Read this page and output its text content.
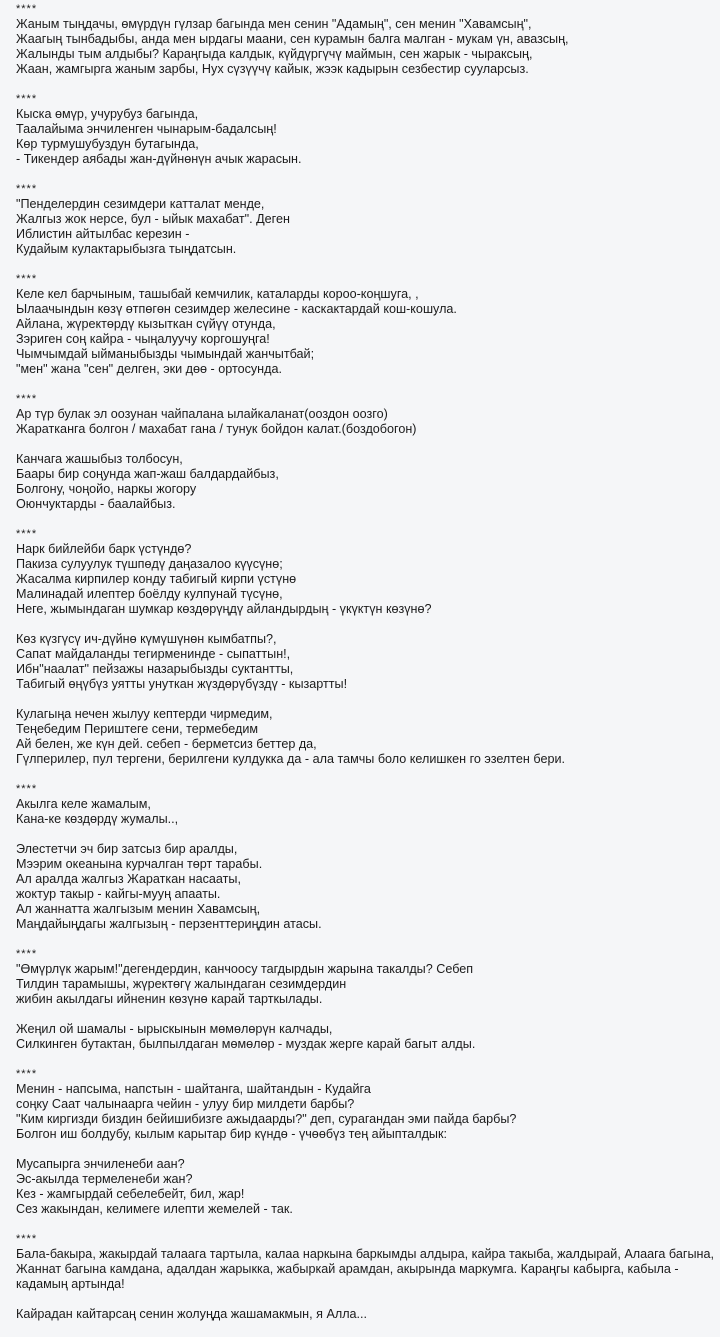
****
Жаным тыңдачы, өмүрдүн гүлзар багында мен сенин "Адамың", сен менин "Хавамсың",
Жаагың тынбадыбы, анда мен ырдагы маани, сен курамын балга малган - мукам үн, авазсың,
Жалынды тым алдыбы? Караңгыда калдык, күйдүргүчү маймын, сен жарык - чыраксың,
Жаан, жамгырга жаным зарбы, Нух сүзүүчү кайык, жээк кадырын сезбестир сууларсыз.
****
Кыска өмүр, учурубуз багында,
Таалайыма энчиленген чынарым-бадалсың!
Көр турмушубуздун бутагында,
- Тикендер аябады жан-дүйнөнүн ачык жарасын.
****
"Пенделердин сезимдери катталат менде,
Жалгыз жок нерсе, бул - ыйык махабат". Деген
Иблистин айтылбас керезин -
Кудайым кулактарыбызга тыңдатсын.
****
Келе кел барчыным, ташыбай кемчилик, каталарды короо-коңшуга, ,
Ылаачындын көзү өтпөгөн сезимдер желесине - каскактардай кош-кошула.
Айлана, жүректөрдү кызыткан сүйүү отунда,
Зэриген соң кайра - чыңалуучу коргошуңга!
Чымчымдай ыйманыбызды чымындай жанчытбай;
"мен" жана "сен" делген, эки дөө - ортосунда.
****
Ар түр булак эл оозунан чайпалана ылайкаланат(ооздон оозго)
Жаратканга болгон / махабат гана / тунук бойдон калат.(боздобогон)
Канчага жашыбыз толбосун,
Баары бир соңунда жап-жаш балдардайбыз,
Болгону, чоңойо, наркы жогору
Оюнчуктарды - баалайбыз.
****
Нарк бийлейби барк үстүндө?
Пакиза сулуулук түшпөдү даңазалоо күүсүнө;
Жасалма кирпилер конду табигый кирпи үстүнө
Малинадай илептер боёлду кулпунай түсүнө,
Неге, жымындаган шумкар көздөрүңдү айландырдың - үкүктүн көзүнө?
Көз күзгүсү ич-дүйнө күмүшүнөн кымбатпы?,
Сапат майдаланды тегирменинде - сыпаттын!,
Ибн"наалат" пейзажы назарыбызды суктантты,
Табигый өңүбүз уятты унуткан жүздөрүбүздү - кызартты!
Кулагыңа нечен жылуу кептерди чирмедим,
Теңебедим Периштеге сени, термебедим
Ай белен, же күн дей. себеп - берметсиз беттер да,
Гүлперилер, пул тергени, берилгени кулдукка да - ала тамчы боло келишкен го эзелтен бери.
****
Акылга келе жамалым,
Кана-ке көздөрдү жумалы..,
Элестетчи эч бир затсыз бир аралды,
Мээрим океанына курчалган төрт тарабы.
Ал аралда жалгыз Жараткан насааты,
жоктур такыр - кайгы-мууң апааты.
Ал жаннатта жалгызым менин Хавамсың,
Маңдайыңдагы жалгызың - перзенттериңдин атасы.
****
"Өмүрлүк жарым!"дегендердин, канчоосу тагдырдын жарына такалды? Себеп
Тилдин тарамышы, жүректөгү жалындаган сезимдердин
жибин акылдагы ийненин көзүнө карай тарткылады.
Жеңил ой шамалы - ырыскынын мөмөлөрүн калчады,
Силкинген бутактан, былпылдаган мөмөлөр - муздак жерге карай багыт алды.
****
Менин - напсыма, напстын - шайтанга, шайтандын - Кудайга
соңку Саат чалынаарга чейин - улуу бир милдети барбы?
"Ким киргизди биздин бейишибизге ажыдаарды?" деп, сурагандан эми пайда барбы?
Болгон иш болдубу, кылым карытар бир күндө - үчөөбүз тең айыпталдык:
Мусапырга энчиленеби аан?
Эс-акылда термеленеби жан?
Кез - жамгырдай себелебейт, бил, жар!
Сез жакындан, келимеге илепти жемелей - так.
****
Бала-бакыра, жакырдай талаага тартыла, калаа наркына баркымды алдыра, кайра такыба, жалдырай, Алаага багына, Жаннат багына камдана, адалдан жарыкка, жабыркай арамдан, акырында маркумга. Караңгы кабырга, кабыла - кадамың артында!
Кайрадан кайтарсаң сенин жолуңда жашамакмын, я Алла...
